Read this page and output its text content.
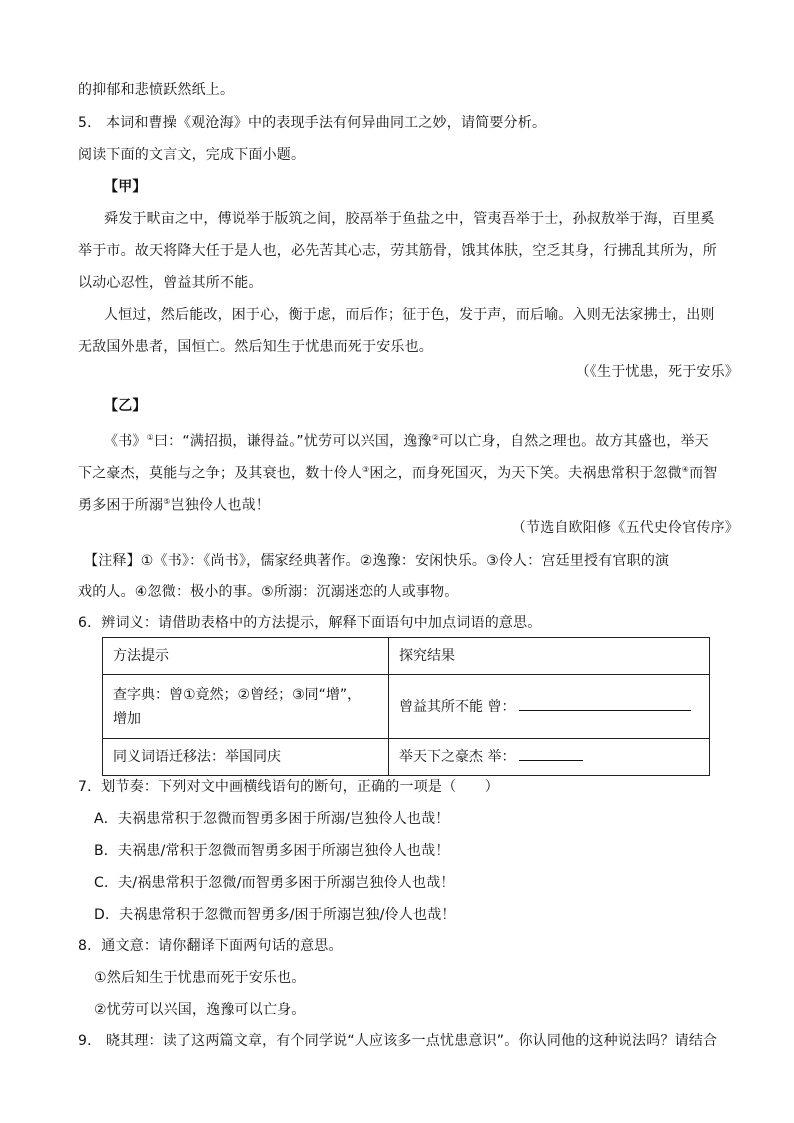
的抑郁和悲愤跃然纸上。
5． 本词和曹操《观沧海》中的表现手法有何异曲同工之妙，请简要分析。
阅读下面的文言文，完成下面小题。
【甲】
舜发于畎亩之中，傅说举于版筑之间，胶鬲举于鱼盐之中，管夷吾举于士，孙叔敖举于海，百里奚
举于市。故天将降大任于是人也，必先苦其心志，劳其筋骨，饿其体肤，空乏其身，行拂乱其所为，所
以动心忍性，曾益其所不能。
人恒过，然后能改，困于心，衡于虑，而后作；征于色，发于声，而后喻。入则无法家拂士，出则
无敌国外患者，国恒亡。然后知生于忧患而死于安乐也。
（《生于忧患，死于安乐》
【乙】
《书》①曰：“满招损，谦得益。”忧劳可以兴国，逸豫②可以亡身，自然之理也。故方其盛也，举天
下之豪杰，莫能与之争；及其衰也，数十伶人③困之，而身死国灭，为天下笑。夫祸患常积于忽微④而智
勇多困于所溺⑤岂独伶人也哉！
（节选自欧阳修《五代史伶官传序》
【注释】①《书》：《尚书》，儒家经典著作。②逸豫：安闲快乐。③伶人：宫廷里授有官职的演
戏的人。④忽微：极小的事。⑤所溺：沉溺迷恋的人或事物。
6．辨词义：请借助表格中的方法提示，解释下面语句中加点词语的意思。
方法提示	探究结果

查字典：曾①竟然；②曾经；③同“增”，
增加	曾益其所不能 曾：
同义词语迁移法：举国同庆	举天下之豪杰 举：
7．划节奏：下列对文中画横线语句的断句，正确的一项是（　　）
A．夫祸患常积于忽微而智勇多困于所溺/岂独伶人也哉！
B．夫祸患/常积于忽微而智勇多困于所溺岂独伶人也哉！
C．夫/祸患常积于忽微/而智勇多困于所溺岂独伶人也哉！
D．夫祸患常积于忽微而智勇多/困于所溺岂独/伶人也哉！
8．通文意：请你翻译下面两句话的意思。
①然后知生于忧患而死于安乐也。
②忧劳可以兴国，逸豫可以亡身。
9． 晓其理：读了这两篇文章，有个同学说“人应该多一点忧患意识”。你认同他的这种说法吗？请结合
